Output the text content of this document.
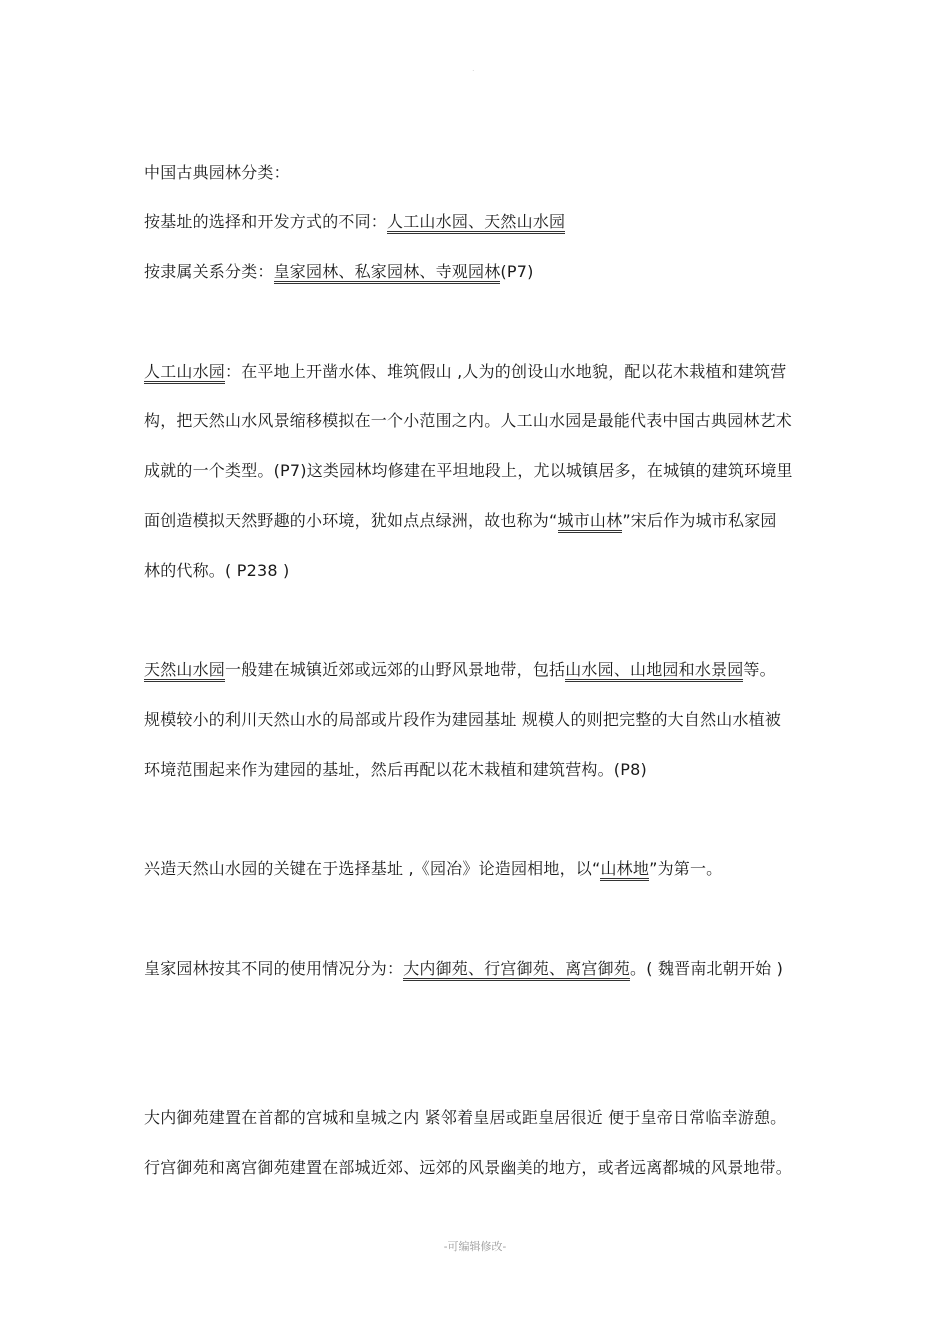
.
中国古典园林分类：
按基址的选择和开发方式的不同：人工山水园、天然山水园
按隶属关系分类：皇家园林、私家园林、寺观园林(P7)
人工山水园：在平地上开凿水体、堆筑假山 ,人为的创设山水地貌，配以花木栽植和建筑营
构，把天然山水风景缩移模拟在一个小范围之内。人工山水园是最能代表中国古典园林艺术
成就的一个类型。(P7)这类园林均修建在平坦地段上，尤以城镇居多，在城镇的建筑环境里
面创造模拟天然野趣的小环境，犹如点点绿洲，故也称为“城市山林”宋后作为城市私家园
林的代称。( P238 )
天然山水园一般建在城镇近郊或远郊的山野风景地带，包括山水园、山地园和水景园等。
规模较小的利川天然山水的局部或片段作为建园基址 规模人的则把完整的大自然山水植被
环境范围起来作为建园的基址，然后再配以花木栽植和建筑营构。(P8)
兴造天然山水园的关键在于选择基址 ,《园冶》论造园相地，以“山林地”为第一。
皇家园林按其不同的使用情况分为：大内御苑、行宫御苑、离宫御苑。( 魏晋南北朝开始 )
大内御苑建置在首都的宫城和皇城之内 紧邻着皇居或距皇居很近 便于皇帝日常临幸游憩。
行宫御苑和离宫御苑建置在部城近郊、远郊的风景幽美的地方，或者远离都城的风景地带。
-可编辑修改-
